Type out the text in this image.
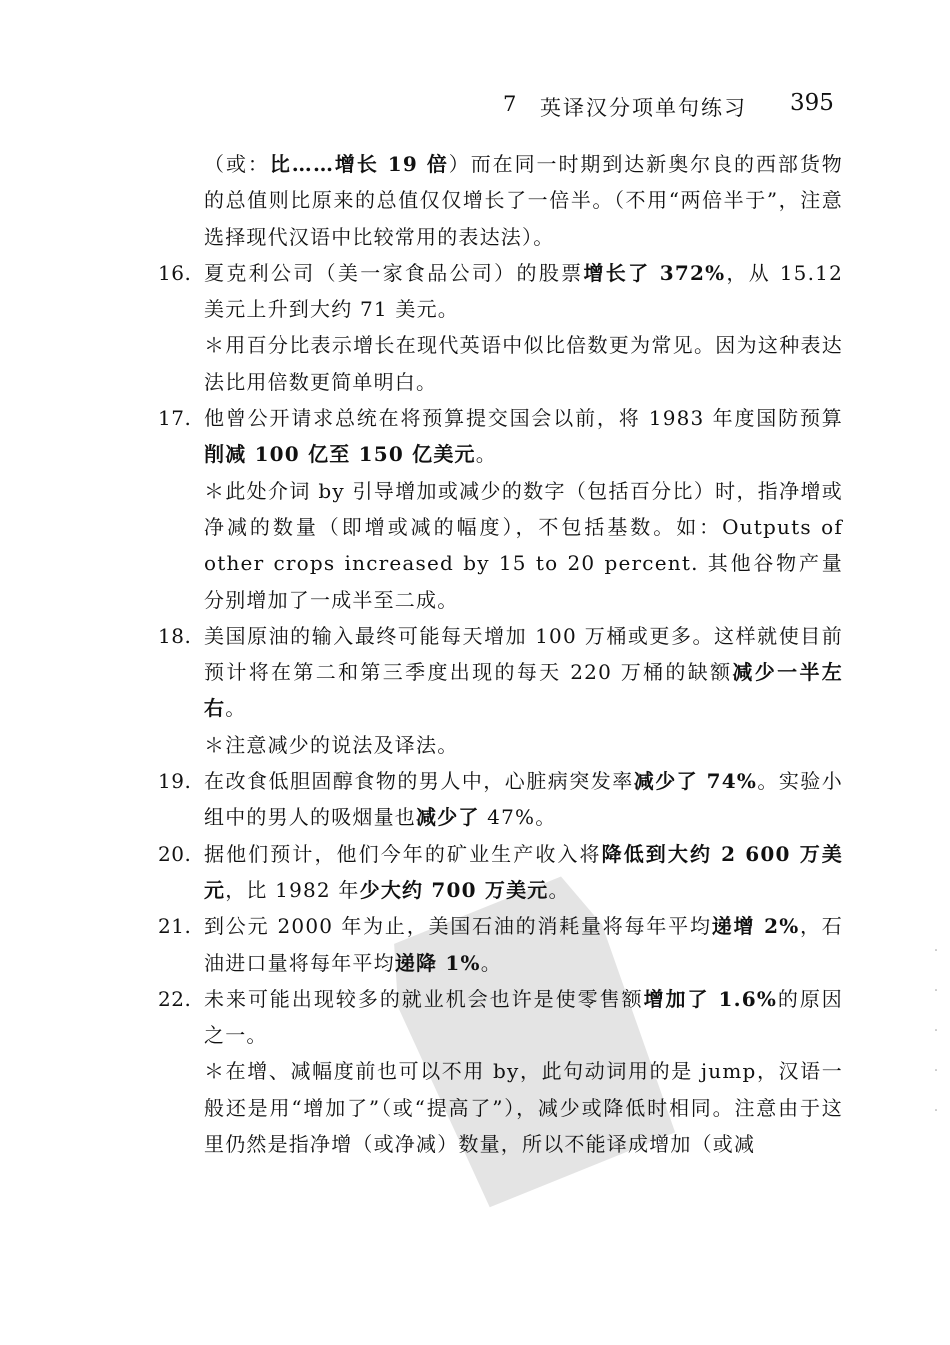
7 英译汉分项单句练习 395

（或：比……增长 19 倍）而在同一时期到达新奥尔良的西部货物的总值则比原来的总值仅仅增长了一倍半。（不用“两倍半于”，注意选择现代汉语中比较常用的表达法）。

16. 夏克利公司（美一家食品公司）的股票增长了 372%，从 15.12 美元上升到大约 71 美元。

＊用百分比表示增长在现代英语中似比倍数更为常见。因为这种表达法比用倍数更简单明白。

17. 他曾公开请求总统在将预算提交国会以前，将 1983 年度国防预算削减 100 亿至 150 亿美元。

＊此处介词 by 引导增加或减少的数字（包括百分比）时，指净增或净减的数量（即增或减的幅度），不包括基数。如：Outputs of other crops increased by 15 to 20 percent. 其他谷物产量分别增加了一成半至二成。

18. 美国原油的输入最终可能每天增加 100 万桶或更多。这样就使目前预计将在第二和第三季度出现的每天 220 万桶的缺额减少一半左右。

＊注意减少的说法及译法。

19. 在改食低胆固醇食物的男人中，心脏病突发率减少了 74%。实验小组中的男人的吸烟量也减少了 47%。
20. 据他们预计，他们今年的矿业生产收入将降低到大约 2 600 万美元，比 1982 年少大约 700 万美元。
21. 到公元 2000 年为止，美国石油的消耗量将每年平均递增 2%，石油进口量将每年平均递降 1%。
22. 未来可能出现较多的就业机会也许是使零售额增加了 1.6%的原因之一。

＊在增、减幅度前也可以不用 by，此句动词用的是 jump，汉语一般还是用“增加了”（或“提高了”），减少或降低时相同。注意由于这里仍然是指净增（或净减）数量，所以不能译成增加（或减
